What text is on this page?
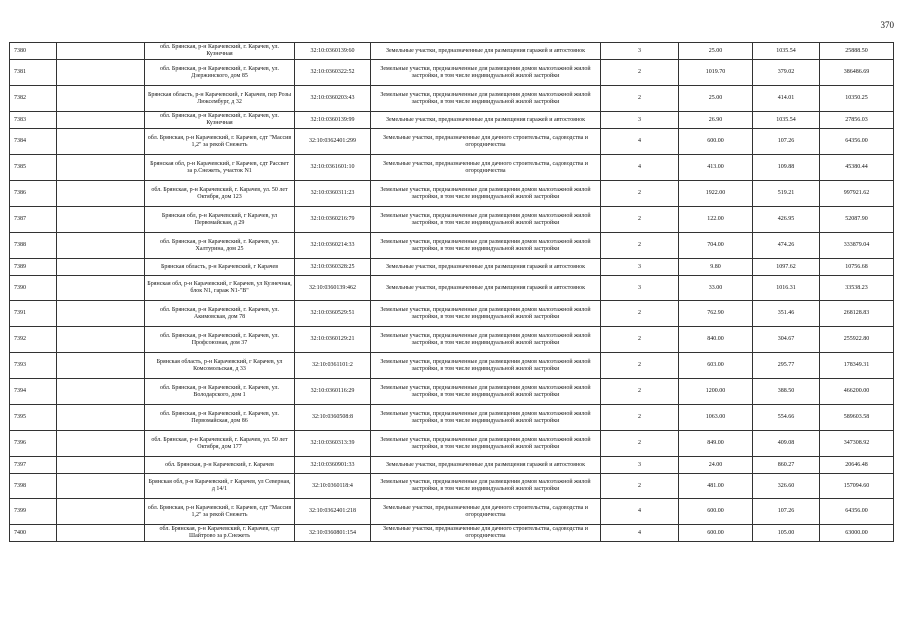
370
7380		обл. Брянская, р-н Карачевский, г. Карачев, ул. Кузнечная	32:10:0360139:60	Земельные участки, предназначенные для размещения гаражей и автостоянок	3	25.00	1035.54	25888.50
7381		обл. Брянская, р-н Карачевский, г. Карачев, ул. Дзержинского, дом 85	32:10:0360322:52	Земельные участки, предназначенные для размещения домов малоэтажной жилой застройки, в том числе индивидуальной жилой застройки	2	1019.70	379.02	386486.69
7382		Брянская область, р-н Карачевский, г Карачев, пер Розы Люксембург, д 32	32:10:0360203:43	Земельные участки, предназначенные для размещения домов малоэтажной жилой застройки, в том числе индивидуальной жилой застройки	2	25.00	414.01	10350.25
7383		обл. Брянская, р-н Карачевский, г. Карачев, ул. Кузнечная	32:10:0360139:99	Земельные участки, предназначенные для размещения гаражей и автостоянок	3	26.90	1035.54	27856.03
7384		обл. Брянская, р-н Карачевский, г. Карачев, сдт "Массив 1,2" за рекой Снежеть	32:10:0362401:299	Земельные участки, предназначенные для дачного строительства, садоводства и огородничества	4	600.00	107.26	64356.00
7385		Брянская обл, р-н Карачевский, г Карачев, сдт Рассвет за р.Снежеть, участок N1	32:10:0361601:10	Земельные участки, предназначенные для дачного строительства, садоводства и огородничества	4	413.00	109.88	45380.44
7386		обл. Брянская, р-н Карачевский, г. Карачев, ул. 50 лет Октября, дом 123	32:10:0360311:23	Земельные участки, предназначенные для размещения домов малоэтажной жилой застройки, в том числе индивидуальной жилой застройки	2	1922.00	519.21	997921.62
7387		Брянская обл, р-н Карачевский, г Карачев, ул Первомайская, д 29	32:10:0360216:79	Земельные участки, предназначенные для размещения домов малоэтажной жилой застройки, в том числе индивидуальной жилой застройки	2	122.00	426.95	52087.90
7388		обл. Брянская, р-н Карачевский, г. Карачев, ул. Халтурина, дом 25	32:10:0360214:33	Земельные участки, предназначенные для размещения домов малоэтажной жилой застройки, в том числе индивидуальной жилой застройки	2	704.00	474.26	333879.04
7389		Брянская область, р-н Карачевский, г Карачев	32:10:0360328:25	Земельные участки, предназначенные для размещения гаражей и автостоянок	3	9.80	1097.62	10756.68
7390		Брянская обл, р-н Карачевский, г Карачев, ул Кузнечная, блок N1, гараж N1-"В"	32:10:0360139:462	Земельные участки, предназначенные для размещения гаражей и автостоянок	3	33.00	1016.31	33538.23
7391		обл. Брянская, р-н Карачевский, г. Карачев, ул. Акимовская, дом 78	32:10:0360529:51	Земельные участки, предназначенные для размещения домов малоэтажной жилой застройки, в том числе индивидуальной жилой застройки	2	762.90	351.46	268128.83
7392		обл. Брянская, р-н Карачевский, г. Карачев, ул. Профсоюзная, дом 37	32:10:0360129:21	Земельные участки, предназначенные для размещения домов малоэтажной жилой застройки, в том числе индивидуальной жилой застройки	2	840.00	304.67	255922.80
7393		Брянская область, р-н Карачевский, г Карачев, ул Комсомольская, д 33	32:10:0361101:2	Земельные участки, предназначенные для размещения домов малоэтажной жилой застройки, в том числе индивидуальной жилой застройки	2	603.00	295.77	178349.31
7394		обл. Брянская, р-н Карачевский, г. Карачев, ул. Володарского, дом 1	32:10:0360116:29	Земельные участки, предназначенные для размещения домов малоэтажной жилой застройки, в том числе индивидуальной жилой застройки	2	1200.00	388.50	466200.00
7395		обл. Брянская, р-н Карачевский, г. Карачев, ул. Первомайская, дом 86	32:10:0360508:8	Земельные участки, предназначенные для размещения домов малоэтажной жилой застройки, в том числе индивидуальной жилой застройки	2	1063.00	554.66	589603.58
7396		обл. Брянская, р-н Карачевский, г. Карачев, ул. 50 лет Октября, дом 177	32:10:0360313:39	Земельные участки, предназначенные для размещения домов малоэтажной жилой застройки, в том числе индивидуальной жилой застройки	2	849.00	409.08	347308.92
7397		обл. Брянская, р-н Карачевский, г. Карачев	32:10:0360901:33	Земельные участки, предназначенные для размещения гаражей и автостоянок	3	24.00	860.27	20646.48
7398		Брянская обл, р-н Карачевский, г Карачев, ул Северная, д 14/1	32:10:0360118:4	Земельные участки, предназначенные для размещения домов малоэтажной жилой застройки, в том числе индивидуальной жилой застройки	2	481.00	326.60	157094.60
7399		обл. Брянская, р-н Карачевский, г. Карачев, сдт "Массив 1,2" за рекой Снежеть	32:10:0362401:218	Земельные участки, предназначенные для дачного строительства, садоводства и огородничества	4	600.00	107.26	64356.00
7400		обл. Брянская, р-н Карачевский, г. Карачев, сдт Шайтрово за р.Снежеть	32:10:0360801:154	Земельные участки, предназначенные для дачного строительства, садоводства и огородничества	4	600.00	105.00	63000.00
